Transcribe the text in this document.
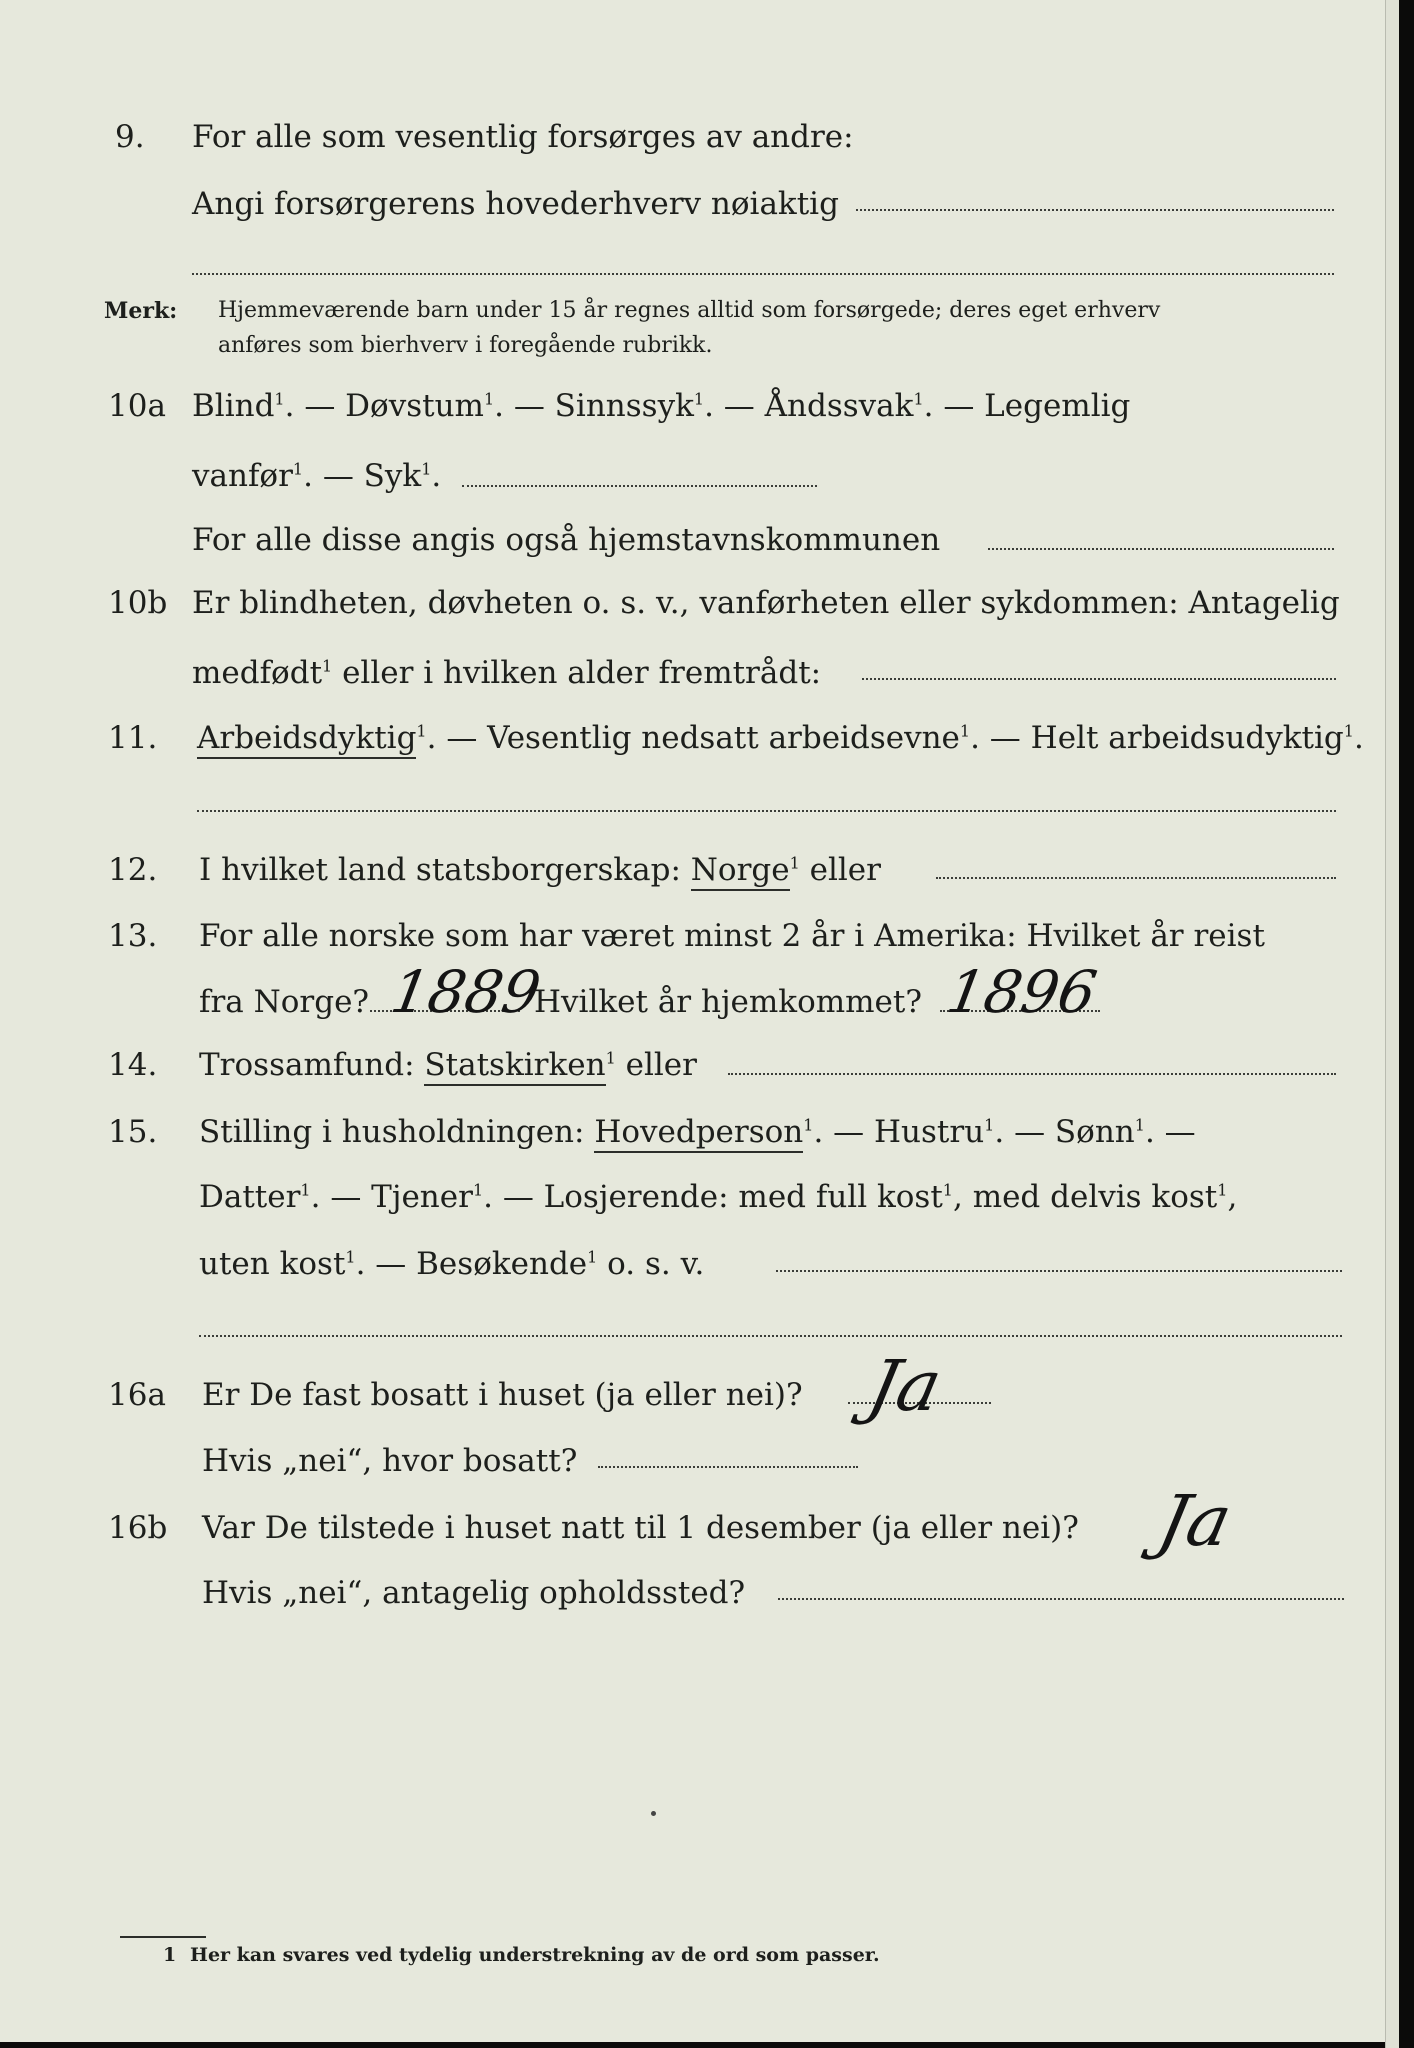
9. For alle som vesentlig forsørges av andre:
Angi forsørgerens hovederhverv nøiaktig
Merk: Hjemmeværende barn under 15 år regnes alltid som forsørgede; deres eget erhverv
anføres som bierhverv i foregående rubrikk.
10a Blind$^1$. — Døvstum$^1$. — Sinnssyk$^1$. — Åndssvak$^1$. — Legemlig
vanfør$^1$. — Syk$^1$.
For alle disse angis også hjemstavnskommunen
10b Er blindheten, døvheten o. s. v., vanførheten eller sykdommen: Antagelig
medfødt$^1$ eller i hvilken alder fremtrådt:
11. Arbeidsdyktig$^1$. — Vesentlig nedsatt arbeidsevne$^1$. — Helt arbeidsudyktig$^1$.
12. I hvilket land statsborgerskap: Norge$^1$ eller
13. For alle norske som har været minst 2 år i Amerika: Hvilket år reist
fra Norge? 1889
Hvilket år hjemkommet? 1896
14. Trossamfund: Statskirken$^1$ eller
15. Stilling i husholdningen: Hovedperson$^1$. — Hustru$^1$. — Sønn$^1$. —
Datter$^1$. — Tjener$^1$. — Losjerende: med full kost$^1$, med delvis kost$^1$,
uten kost$^1$. — Besøkende$^1$ o. s. v.
16a Er De fast bosatt i huset (ja eller nei)? Ja
Hvis „nei“, hvor bosatt?
16b Var De tilstede i huset natt til 1 desember (ja eller nei)? Ja
Hvis „nei“, antagelig opholdssted?
1 Her kan svares ved tydelig understrekning av de ord som passer.
